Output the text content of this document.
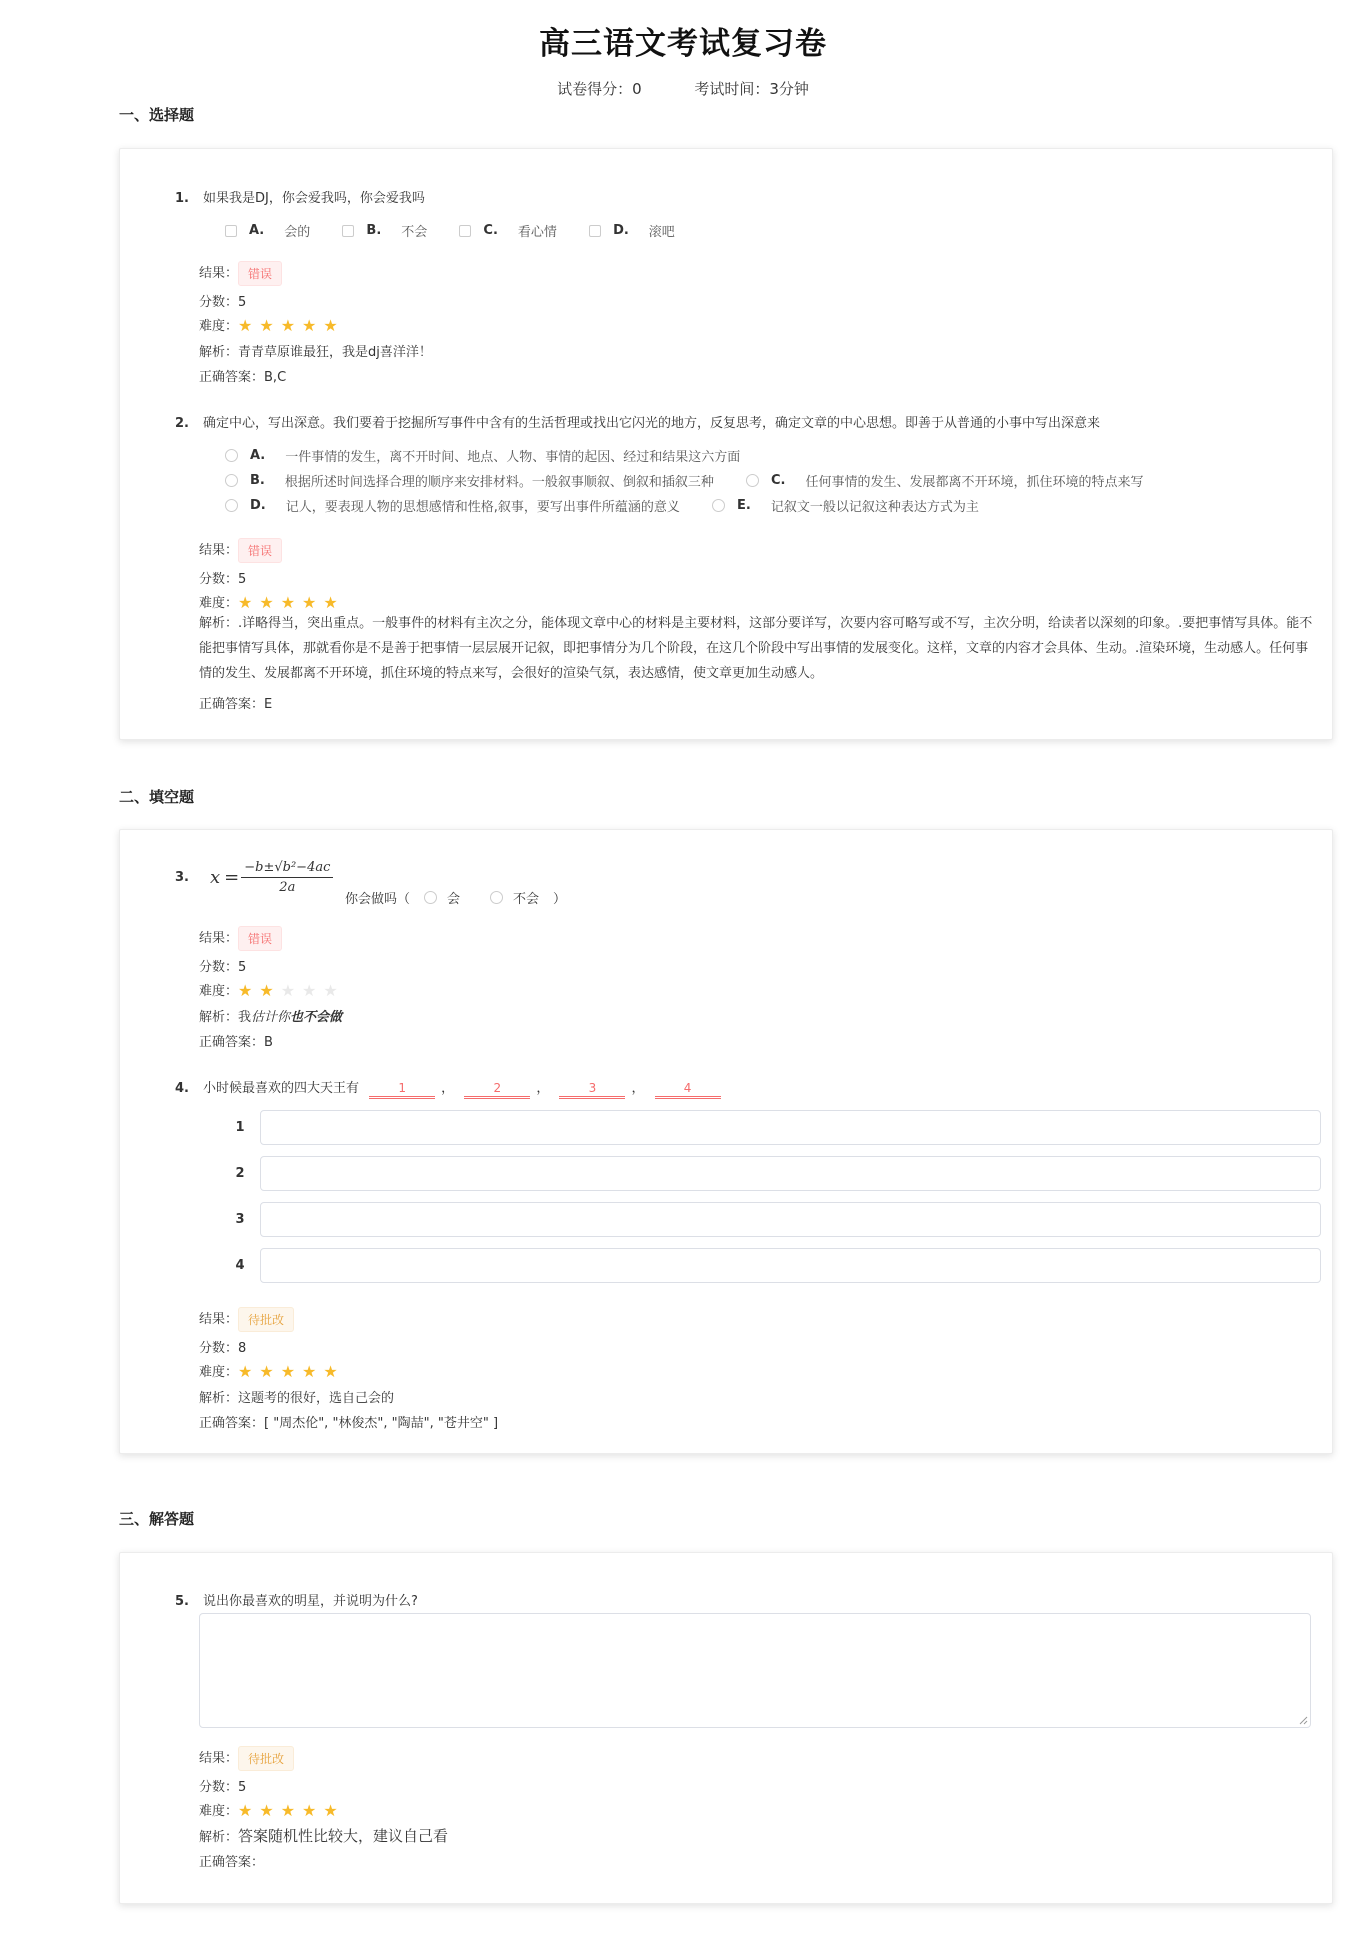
高三语文考试复习卷
试卷得分：0	考试时间：3分钟
一、选择题
1. 如果我是DJ，你会爱我吗，你会爱我吗
A. 会的
	B. 不会
	C. 看心情
	D. 滚吧
结果： 错误
分数：5
难度：★ ★ ★ ★ ★
解析：青青草原谁最狂，我是dj喜洋洋！
正确答案：B,C
2. 确定中心，写出深意。我们要着于挖掘所写事件中含有的生活哲理或找出它闪光的地方，反复思考，确定文章的中心思想。即善于从普通的小事中写出深意来
A. 一件事情的发生，离不开时间、地点、人物、事情的起因、经过和结果这六方面
B. 根据所述时间选择合理的顺序来安排材料。一般叙事顺叙、倒叙和插叙三种
	C. 任何事情的发生、发展都离不开环境，抓住环境的特点来写
D. 记人，要表现人物的思想感情和性格,叙事，要写出事件所蕴涵的意义
	E. 记叙文一般以记叙这种表达方式为主
结果： 错误
分数：5
难度：★ ★ ★ ★ ★
解析：.详略得当，突出重点。一般事件的材料有主次之分，能体现文章中心的材料是主要材料，这部分要详写，次要内容可略写或不写，主次分明，给读者以深刻的印象。.要把事情写具体。能不能把事情写具体，那就看你是不是善于把事情一层层展开记叙，即把事情分为几个阶段，在这几个阶段中写出事情的发展变化。这样，文章的内容才会具体、生动。.渲染环境，生动感人。任何事情的发生、发展都离不开环境，抓住环境的特点来写，会很好的渲染气氛，表达感情，使文章更加生动感人。
正确答案：E
二、填空题
3.	$x = \frac{\text{−b±√b²−4ac}}{2a}$
你会做吗（	会	不会 ）
结果： 错误
分数：5
难度：★ ★ ★ ★ ★
解析：我估计你也不会做
正确答案：B
4. 小时候最喜欢的四大天王有	1	，	2	，	3	，	4
1
2
3
4
结果： 待批改
分数：8
难度：★ ★ ★ ★ ★
解析：这题考的很好，选自己会的
正确答案：[ "周杰伦", "林俊杰", "陶喆", "苍井空" ]
三、解答题
5. 说出你最喜欢的明星，并说明为什么?
结果： 待批改
分数：5
难度：★ ★ ★ ★ ★
解析：答案随机性比较大，建议自己看
正确答案：
